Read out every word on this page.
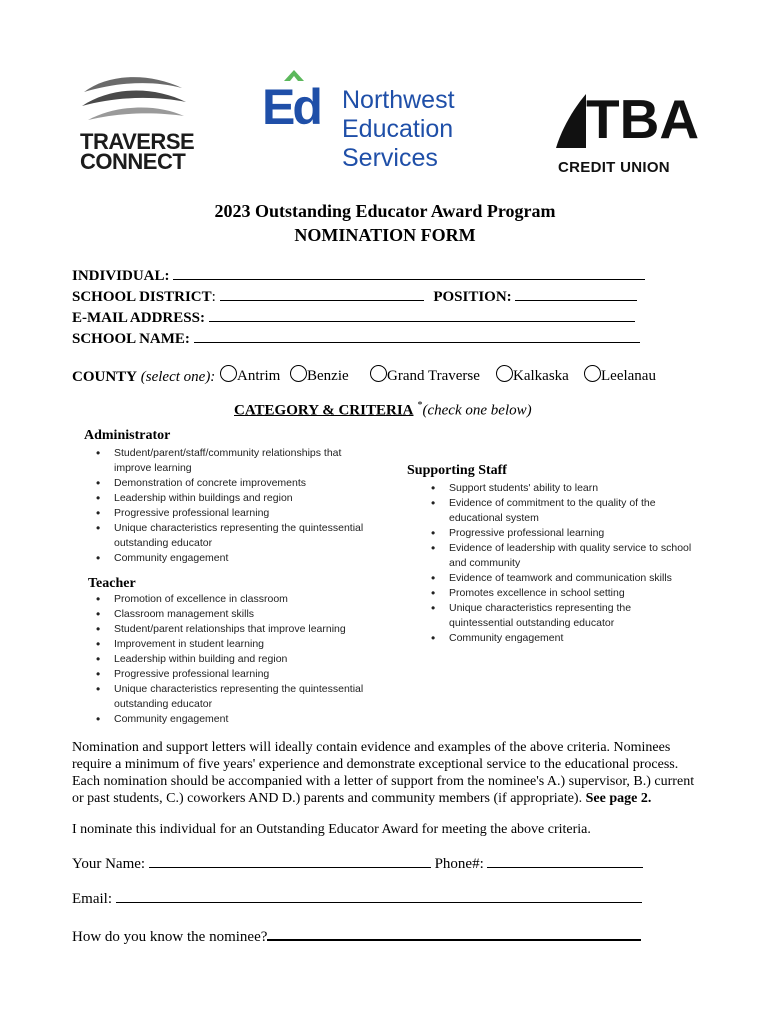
TRAVERSE
CONNECT
Ed Northwest
Education
Services
TBA
CREDIT UNION
2023 Outstanding Educator Award Program
NOMINATION FORM
INDIVIDUAL:
SCHOOL DISTRICT:	POSITION:
E-MAIL ADDRESS:
SCHOOL NAME:
COUNTY (select one):	Antrim	Benzie	Grand Traverse	Kalkaska	Leelanau
CATEGORY & CRITERIA *(check one below)
Administrator
• Student/parent/staff/community relationships that improve learning
• Demonstration of concrete improvements
• Leadership within buildings and region
• Progressive professional learning
• Unique characteristics representing the quintessential outstanding educator
• Community engagement
Teacher
• Promotion of excellence in classroom
• Classroom management skills
• Student/parent relationships that improve learning
• Improvement in student learning
• Leadership within building and region
• Progressive professional learning
• Unique characteristics representing the quintessential outstanding educator
• Community engagement
Supporting Staff
• Support students' ability to learn
• Evidence of commitment to the quality of the educational system
• Progressive professional learning
• Evidence of leadership with quality service to school and community
• Evidence of teamwork and communication skills
• Promotes excellence in school setting
• Unique characteristics representing the quintessential outstanding educator
• Community engagement
Nomination and support letters will ideally contain evidence and examples of the above criteria. Nominees require a minimum of five years' experience and demonstrate exceptional service to the educational process. Each nomination should be accompanied with a letter of support from the nominee's A.) supervisor, B.) current or past students, C.) coworkers AND D.) parents and community members (if appropriate). See page 2.
I nominate this individual for an Outstanding Educator Award for meeting the above criteria.
Your Name:	Phone#:
Email:
How do you know the nominee?
